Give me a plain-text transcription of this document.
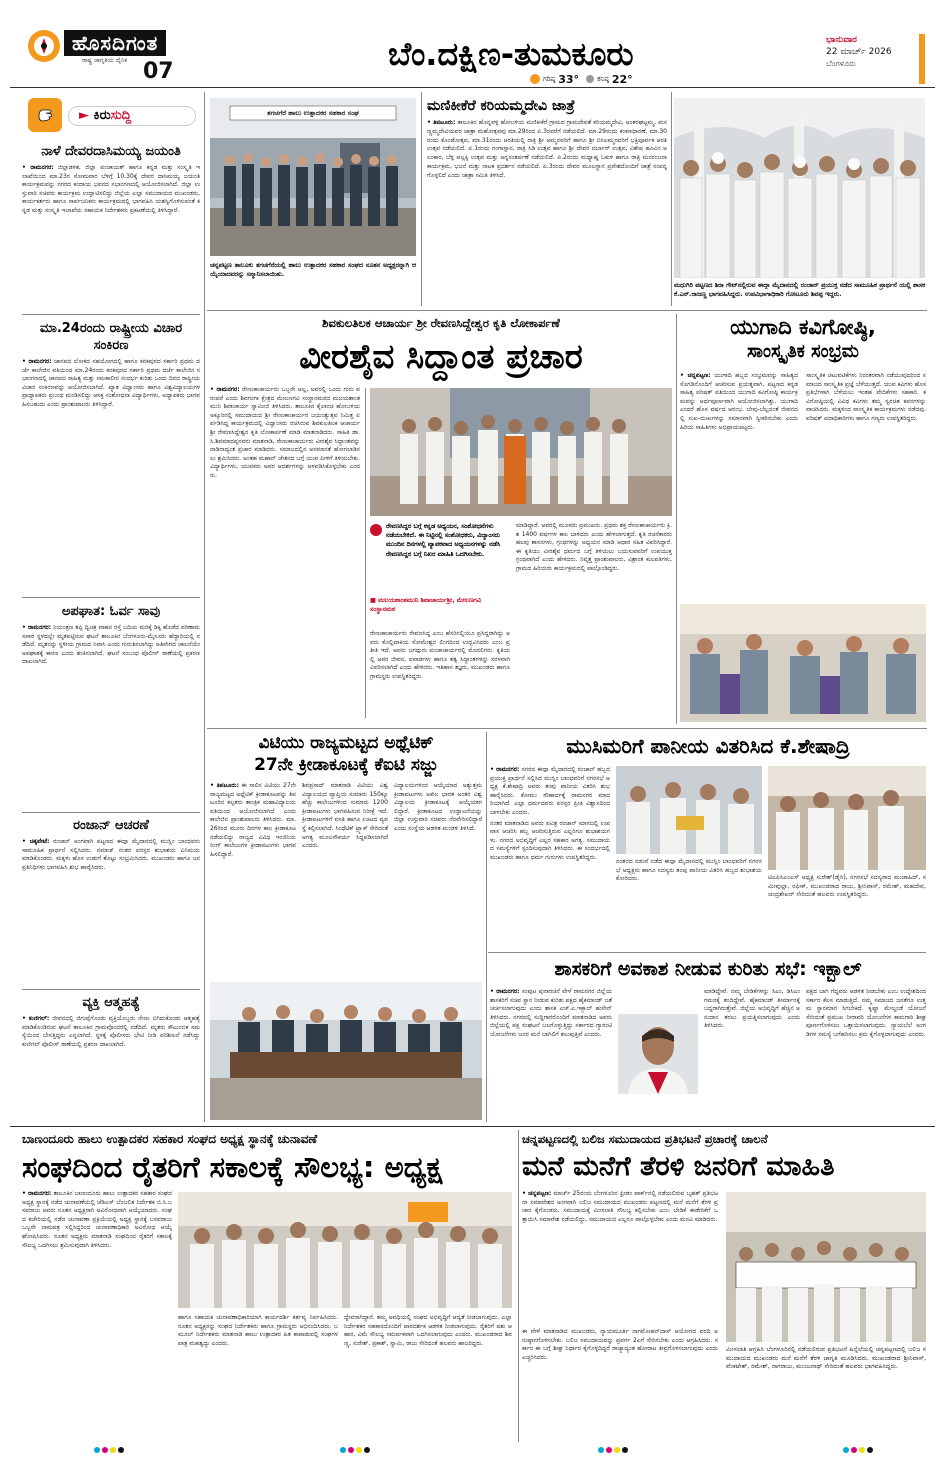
ಹೊಸದಿಗಂತ
ರಾಷ್ಟ್ರ ಜಾಗೃತಿಯ ದೈನಿಕ 07	ಬೆಂ.ದಕ್ಷಿಣ-ತುಮಕೂರು
ಗರಿಷ್ಠ 33°	ಕನಿಷ್ಠ 22°
ಭಾನುವಾರ
22 ಮಾರ್ಚ್ 2026
ಬೆಂಗಳೂರು
► ಕಿರುಸುದ್ದಿ
ನಾಳೆ ದೇವರದಾಸಿಮಯ್ಯ ಜಯಂತಿ
• ರಾಮನಗರ: ಜಿಲ್ಲಾಡಳಿತ, ಜಿಲ್ಲಾ ಪಂಚಾಯತ್ ಹಾಗೂ ಕನ್ನಡ ಮತ್ತು ಸಂಸ್ಕೃತಿ ಇಲಾಖೆಯಿಂದ ಮಾ.23ರ ಸೋಮವಾರ ಬೆಳಿಗ್ಗೆ 10.30ಕ್ಕೆ ದೇವರ ದಾಸಿಮಯ್ಯ ಜಯಂತಿ ಕಾರ್ಯಕ್ರಮವನ್ನು ನಗರದ ಕಂದಾಯ ಭವನದ ಸಭಾಂಗಣದಲ್ಲಿ ಆಯೋಜಿಸಲಾಗಿದೆ. ಜಿಲ್ಲಾ ಉಸ್ತುವಾರಿ ಸಚಿವರು ಕಾರ್ಯಕ್ರಮ ಉದ್ಘಾಟಿಸಲಿದ್ದು ಜಿಲ್ಲೆಯ ಎಲ್ಲಾ ಸಮುದಾಯದ ಮುಖಂಡರು, ಕಾರ್ಯಕರ್ತರು ಹಾಗೂ ಸಾರ್ವಜನಿಕರು ಕಾರ್ಯಕ್ರಮದಲ್ಲಿ ಭಾಗವಹಿಸಿ ಯಶಸ್ವಿಗೊಳಿಸುವಂತೆ ಕನ್ನಡ ಮತ್ತು ಸಂಸ್ಕೃತಿ ಇಲಾಖೆಯ ಸಹಾಯಕ ನಿರ್ದೇಶಕರು ಪ್ರಕಟಣೆಯಲ್ಲಿ ತಿಳಿಸಿದ್ದಾರೆ.
ಮಾ.24ರಂದು ರಾಷ್ಟ್ರೀಯ ವಿಚಾರ ಸಂಕಿರಣ
• ರಾಮನಗರ: ಜಾನಪದ ಲೋಕದ ಸಹಯೋಗದಲ್ಲಿ ಹಾಗೂ ಕನಕಪುರದ ಸರ್ಕಾರಿ ಪ್ರಥಮ ದರ್ಜೆ ಕಾಲೇಜಿನ ವತಿಯಿಂದ ಮಾ.24ರಂದು ಕನಕಪುರದ ಸರ್ಕಾರಿ ಪ್ರಥಮ ದರ್ಜೆ ಕಾಲೇಜಿನ ಸಭಾಂಗಣದಲ್ಲಿ ಜಾನಪದ ಸಾಹಿತ್ಯ ಮತ್ತು ಸಮಕಾಲೀನ ಸಂದರ್ಭ ಕುರಿತು ಒಂದು ದಿನದ ರಾಷ್ಟ್ರೀಯ ವಿಚಾರ ಸಂಕಿರಣವನ್ನು ಆಯೋಜಿಸಲಾಗಿದೆ. ಖ್ಯಾತ ವಿದ್ವಾಂಸರು ಹಾಗೂ ವಿಶ್ವವಿದ್ಯಾಲಯಗಳ ಪ್ರಾಧ್ಯಾಪಕರು ಪ್ರಬಂಧ ಮಂಡಿಸಲಿದ್ದು ಆಸಕ್ತ ಸಂಶೋಧನಾ ವಿದ್ಯಾರ್ಥಿಗಳು, ಅಧ್ಯಾಪಕರು ಭಾಗವಹಿಸಬಹುದು ಎಂದು ಪ್ರಾಂಶುಪಾಲರು ತಿಳಿಸಿದ್ದಾರೆ.
ಅಪಘಾತ: ಓರ್ವ ಸಾವು
• ರಾಮನಗರ: ನಿಯಂತ್ರಣ ತಪ್ಪಿ ದ್ವಿಚಕ್ರ ವಾಹನ ರಸ್ತೆ ಬದಿಯ ಮರಕ್ಕೆ ಡಿಕ್ಕಿ ಹೊಡೆದ ಪರಿಣಾಮ ಸವಾರ ಸ್ಥಳದಲ್ಲೇ ಮೃತಪಟ್ಟಿರುವ ಘಟನೆ ತಾಲೂಕಿನ ಬೆಂಗಳೂರು-ಮೈಸೂರು ಹೆದ್ದಾರಿಯಲ್ಲಿ ನಡೆದಿದೆ. ಮೃತನನ್ನು ಸ್ಥಳೀಯ ಗ್ರಾಮದ ನಿವಾಸಿ ಎಂದು ಗುರುತಿಸಲಾಗಿದ್ದು ಅತಿವೇಗದ ಚಾಲನೆಯೇ ಅಪಘಾತಕ್ಕೆ ಕಾರಣ ಎಂದು ಶಂಕಿಸಲಾಗಿದೆ. ಘಟನೆ ಸಂಬಂಧ ಪೊಲೀಸ್ ಠಾಣೆಯಲ್ಲಿ ಪ್ರಕರಣ ದಾಖಲಾಗಿದೆ.
ರಂಜಾನ್ ಆಚರಣೆ
• ಚಿಕ್ಕಪೇಟೆ: ರಂಜಾನ್ ಅಂಗವಾಗಿ ಪಟ್ಟಣದ ಈದ್ಗಾ ಮೈದಾನದಲ್ಲಿ ಮುಸ್ಲಿಂ ಬಾಂಧವರು ಸಾಮೂಹಿಕ ಪ್ರಾರ್ಥನೆ ಸಲ್ಲಿಸಿದರು. ನಮಾಜ್ ನಂತರ ಪರಸ್ಪರ ಶುಭಾಶಯ ವಿನಿಮಯ ಮಾಡಿಕೊಂಡರು. ಮಕ್ಕಳು ಹೊಸ ಉಡುಗೆ ತೊಟ್ಟು ಸಂಭ್ರಮಿಸಿದರು. ಮುಖಂಡರು ಹಾಗೂ ಜನಪ್ರತಿನಿಧಿಗಳು ಭಾಗವಹಿಸಿ ಶುಭ ಹಾರೈಸಿದರು.
ವ್ಯಕ್ತಿ ಆತ್ಮಹತ್ಯೆ
• ಕುಣಿಗಲ್: ಜೀವನದಲ್ಲಿ ಜಿಗುಪ್ಸೆಗೊಂಡು ವ್ಯಕ್ತಿಯೊಬ್ಬರು ನೇಣು ಬಿಗಿದುಕೊಂಡು ಆತ್ಮಹತ್ಯೆ ಮಾಡಿಕೊಂಡಿರುವ ಘಟನೆ ತಾಲೂಕಿನ ಗ್ರಾಮವೊಂದರಲ್ಲಿ ನಡೆದಿದೆ. ಮೃತರು ಕೌಟುಂಬಿಕ ಸಮಸ್ಯೆಯಿಂದ ಬೇಸತ್ತಿದ್ದರು ಎನ್ನಲಾಗಿದೆ. ಸ್ಥಳಕ್ಕೆ ಪೊಲೀಸರು ಭೇಟಿ ನೀಡಿ ಪರಿಶೀಲನೆ ನಡೆಸಿದ್ದು ಕುಣಿಗಲ್ ಪೊಲೀಸ್ ಠಾಣೆಯಲ್ಲಿ ಪ್ರಕರಣ ದಾಖಲಾಗಿದೆ.
ತಗಚಗೆರೆ ಹಾಲು ಉತ್ಪಾದಕರ ಸಹಕಾರ ಸಂಘ
ಚನ್ನಪಟ್ಟಣ ತಾಲೂಕು ತಗಚಗೆರೆಯಲ್ಲಿ ಹಾಲು ಉತ್ಪಾದಕರ ಸಹಕಾರ ಸಂಘದ ನೂತನ ಅಧ್ಯಕ್ಷರನ್ನಾಗಿ ಆಯ್ಕೆಯಾದವರನ್ನು ಸನ್ಮಾನಿಸಲಾಯಿತು.
ಮಣಿಕೀಕೆರೆ ಕರಿಯಮ್ಮದೇವಿ ಜಾತ್ರೆ
• ತಿಪಟೂರು: ತಾಲೂಕಿನ ಹೊನ್ನವಳ್ಳಿ ಹೋಬಳಿಯ ಮಣಿಕೀಕೆರೆ ಗ್ರಾಮದ ಗ್ರಾಮದೇವತೆ ಕರಿಯಮ್ಮದೇವಿ, ಅಂತರಘಟ್ಟಮ್ಮ, ಮಸಣ್ಣಮ್ಮದೇವಿಯವರ ಜಾತ್ರಾ ಮಹೋತ್ಸವವು ಮಾ.29ರಿಂದ ಏ.3ರವರೆಗೆ ನಡೆಯಲಿದೆ. ಮಾ.29ರಂದು ಕಂಕಣಧಾರಣೆ, ಮಾ.30ರಂದು ಕೊಂಡೋತ್ಸವ, ಮಾ.31ರಂದು ಆರತಿಯಲ್ಲಿ ರಾತ್ರಿ ಶ್ರೀ ಅಮ್ಮನವರಿಗೆ ಹಾಗೂ ಶ್ರೀ ಬಿಸಿಲಮ್ಮನವರಿಗೆ ಭಕ್ತಿಪೂರ್ವಕ ಆರತಿ ಉತ್ಸವ ನಡೆಯಲಿದೆ. ಏ.1ರಂದು ಗಂಗಾಸ್ನಾನ, ರಾತ್ರಿ ಸಿಡಿ ಉತ್ಸವ ಹಾಗೂ ಶ್ರೀ ದೇವರ ದರ್ಬಾರ್ ಉತ್ಸವ, ವಿಶೇಷ ಹೂವಿನ ಅಲಂಕಾರ, ಬೆಳ್ಳಿ ಪಲ್ಲಕ್ಕಿ ಉತ್ಸವ ಮತ್ತು ಅನ್ನಸಂತರ್ಪಣೆ ನಡೆಯಲಿದೆ. ಏ.2ರಂದು ಮಧ್ಯಾಹ್ನ ಓಕುಳಿ ಹಾಗೂ ರಾತ್ರಿ ಮನರಂಜನಾ ಕಾರ್ಯಕ್ರಮ, ಭಜನೆ ಮತ್ತು ನಾಟಕ ಪ್ರದರ್ಶನ ನಡೆಯಲಿದೆ. ಏ.3ರಂದು ದೇವರ ಮೂಲಸ್ಥಾನ ಪ್ರವೇಶದೊಂದಿಗೆ ಜಾತ್ರೆ ಸಂಪನ್ನಗೊಳ್ಳಲಿದೆ ಎಂದು ಜಾತ್ರಾ ಸಮಿತಿ ತಿಳಿಸಿದೆ.
ಮಧುಗಿರಿ ಪಟ್ಟಣದ ಶಿರಾ ಗೇಟ್‌ನಲ್ಲಿರುವ ಈದ್ಗಾ ಮೈದಾನದಲ್ಲಿ ರಂಜಾನ್ ಪ್ರಯುಕ್ತ ನಡೆದ ಸಾಮೂಹಿಕ ಪ್ರಾರ್ಥನೆ ಯಲ್ಲಿ ಶಾಸಕ ಕೆ.ಎನ್.ರಾಜಣ್ಣ ಭಾಗವಹಿಸಿದ್ದರು. ಉಪವಿಭಾಗಾಧಿಕಾರಿ ಗೋಟೂರು ಶಿವಪ್ಪ ಇದ್ದರು.
ಶಿವಕುಲತಿಲಕ ಆಚಾರ್ಯ ಶ್ರೀ ರೇವಣಸಿದ್ದೇಶ್ವರ ಕೃತಿ ಲೋಕಾರ್ಪಣೆ
ವೀರಶೈವ ಸಿದ್ದಾಂತ ಪ್ರಚಾರ
• ರಾಮನಗರ: ರೇಣುಕಾಚಾರ್ಯರು ಒಬ್ಬರೇ ಅಲ್ಲ, ಅವರಲ್ಲಿ ಒಂದು ಗುರು ಪರಂಪರೆ ಎಂದು ಶಿವಗಂಗಾ ಕ್ಷೇತ್ರದ ಮೇಲಣಗವಿ ಸಂಸ್ಥಾನಮಠದ ಮಲಯಶಾಂತಮುನಿ ಶಿವಾಚಾರ್ಯ ಸ್ವಾಮೀಜಿ ತಿಳಿಸಿದರು. ತಾಲೂಕಿನ ಕೈಲಾಂಚ ಹೋಬಳಿಯ ಅಕ್ಕೂರಿನಲ್ಲಿ ಸಮುದಾಯದ ಶ್ರೀ ರೇಣುಕಾಚಾರ್ಯರ ಜಯಂತ್ಯುತ್ಸವ ನಿಮಿತ್ತ ಏರ್ಪಡಿಸಿದ್ದ ಕಾರ್ಯಕ್ರಮದಲ್ಲಿ ವಿದ್ವಾಂಸರು ರಚಿಸಿರುವ ಶಿವಕುಲತಿಲಕ ಆಚಾರ್ಯ ಶ್ರೀ ರೇವಣಸಿದ್ದೇಶ್ವರ ಕೃತಿ ಲೋಕಾರ್ಪಣೆ ಮಾಡಿ ಮಾತನಾಡಿದರು. ಸಾಹಿತಿ ಡಾ.ಸಿ.ಶಿವಮಾದಪ್ಪನವರು ಮಾತನಾಡಿ, ರೇಣುಕಾಚಾರ್ಯರು ವೀರಶೈವ ಸಿದ್ದಾಂತವನ್ನು ನಾಡಿನಾದ್ಯಂತ ಪ್ರಚಾರ ಮಾಡಿದರು. ಸಮಾಜದಲ್ಲಿನ ಅಸಮಾನತೆ ಹೋಗಲಾಡಿಸಲು ಶ್ರಮಿಸಿದರು. ಅಂತಹ ಮಹಾನ್ ಚೇತನದ ಬಗ್ಗೆ ಯುವ ಪೀಳಿಗೆ ತಿಳಿಯಬೇಕು. ವಿದ್ಯಾರ್ಥಿಗಳು, ಯುವಕರು ಅವರ ಆದರ್ಶಗಳನ್ನು ಅಳವಡಿಸಿಕೊಳ್ಳಬೇಕು ಎಂದರು.
ರೇವಣಸಿದ್ದರ ಬಗ್ಗೆ ಕನ್ನಡ ಅಧ್ಯಯನ, ಸಂಶೋಧನೆಗಳು ನಡೆಯಬೇಕಿದೆ. ಈ ನಿಟ್ಟಿನಲ್ಲಿ ಸಂಶೋಧಕರು, ವಿದ್ಯಾಂಸರು ಮುಂದಿನ ದಿನಗಳಲ್ಲಿ ವ್ಯಾಪಕವಾದ ಅಧ್ಯಯನಗಳನ್ನು ನಡೆಸಿ ರೇವಣಸಿದ್ದರ ಬಗ್ಗೆ ನಿಖರ ಮಾಹಿತಿ ಒದಗಿಸಬೇಕು.
■ ಮಲಯಶಾಂತಮುನಿ ಶಿವಾಚಾರ್ಯಶ್ರೀ, ಮೇಲಣಗವಿ ಸಂಸ್ಥಾನಮಠ
ರೇಣುಕಾಚಾರ್ಯರು ರೇವಣಸಿದ್ದ ಎಂಬ ಹೆಸರಿನಲ್ಲಿಯೂ ಪ್ರಸಿದ್ದರಾಗಿದ್ದು ಅವರು ಕೊಲ್ಲಿಪಾಕಿಯ ಸೋಮೇಶ್ವರ ಲಿಂಗದಿಂದ ಉದ್ಭವಿಸಿದರು ಎಂಬ ಪ್ರತೀತಿ ಇದೆ. ಅವರು ಜಗದ್ಗುರು ಪಂಚಾಚಾರ್ಯರಲ್ಲಿ ಮೊದಲಿಗರು. ಕೃತಿಯಲ್ಲಿ ಅವರ ಜೀವನ, ಪವಾಡಗಳು ಹಾಗೂ ತತ್ವ ಸಿದ್ದಾಂತಗಳನ್ನು ಸರಳವಾಗಿ ವಿವರಿಸಲಾಗಿದೆ ಎಂದು ಹೇಳಿದರು. ಇತಿಹಾಸ ತಜ್ಞರು, ಮುಖಂಡರು ಹಾಗೂ ಗ್ರಾಮಸ್ಥರು ಉಪಸ್ಥಿತರಿದ್ದರು.
ಮಾಡಿದ್ದಾರೆ. ಅವರಲ್ಲಿ ಮೂವರು ಪ್ರಮುಖರು. ಪ್ರಥಮ ಶಕ್ತ ರೇಣುಕಾಚಾರ್ಯರು ಕ್ರಿ.ಶ 1400 ವರ್ಷಗಳ ಕಾಲ ಬಾಳಿದರು ಎಂದು ಹೇಳಲಾಗುತ್ತದೆ. ಕೃತಿ ರಚನೆಕಾರರು ಹಲವು ಶಾಸನಗಳು, ಗ್ರಂಥಗಳನ್ನು ಅಧ್ಯಯನ ಮಾಡಿ ಆಧಾರ ಸಹಿತ ವಿವರಿಸಿದ್ದಾರೆ. ಈ ಕೃತಿಯು ವೀರಶೈವ ಧರ್ಮದ ಬಗ್ಗೆ ತಿಳಿಯಲು ಬಯಸುವವರಿಗೆ ಉಪಯುಕ್ತ ಗ್ರಂಥವಾಗಿದೆ ಎಂದು ಹೇಳಿದರು. ನಿವೃತ್ತ ಪ್ರಾಂಶುಪಾಲರು, ವಿಶ್ರಾಂತ ಕುಲಪತಿಗಳು, ಗ್ರಾಮದ ಹಿರಿಯರು ಕಾರ್ಯಕ್ರಮದಲ್ಲಿ ಪಾಲ್ಗೊಂಡಿದ್ದರು.
ಯುಗಾದಿ ಕವಿಗೋಷ್ಠಿ,
ಸಾಂಸ್ಕೃತಿಕ ಸಂಭ್ರಮ
• ಚನ್ನಪಟ್ಟಣ: ಯುಗಾದಿ ಹಬ್ಬದ ಸಂಭ್ರಮವನ್ನು ಸಾಹಿತ್ಯದ ಸೊಗಡಿನೊಂದಿಗೆ ಆಚರಿಸುವ ಪ್ರಯತ್ನವಾಗಿ, ಪಟ್ಟಣದ ಕನ್ನಡ ಸಾಹಿತ್ಯ ಪರಿಷತ್ ವತಿಯಿಂದ ಯುಗಾದಿ ಕವಿಗೋಷ್ಠಿ ಕಾರ್ಯಕ್ರಮವನ್ನು ಅರ್ಥಪೂರ್ಣವಾಗಿ ಆಯೋಜಿಸಲಾಗಿತ್ತು. ಯುಗಾದಿ ಎಂದರೆ ಹೊಸ ವರ್ಷದ ಆರಂಭ. ಬೇವು-ಬೆಲ್ಲದಂತೆ ಜೀವನದಲ್ಲಿ ಸುಖ-ದುಃಖಗಳನ್ನು ಸಮಾನವಾಗಿ ಸ್ವೀಕರಿಸಬೇಕು ಎಂದು ಹಿರಿಯ ಸಾಹಿತಿಗಳು ಅಭಿಪ್ರಾಯಪಟ್ಟರು.
ಸಾಂಸ್ಕೃತಿಕ ಚಟುವಟಿಕೆಗಳು ನಿರಂತರವಾಗಿ ನಡೆಯುವುದರಿಂದ ಸಮಾಜದ ಸಾಂಸ್ಕೃತಿಕ ಪ್ರಜ್ಞೆ ಬೆಳೆಯುತ್ತದೆ. ಯುವ ಕವಿಗಳು ಹೊಸ ಪ್ರತಿಭೆಗಳಾಗಿ ಬೆಳೆಯಲು ಇಂತಹ ವೇದಿಕೆಗಳು ಸಹಕಾರಿ. ಕವಿಗೋಷ್ಠಿಯಲ್ಲಿ ವಿವಿಧ ಕವಿಗಳು ತಮ್ಮ ಸ್ವರಚಿತ ಕವನಗಳನ್ನು ವಾಚಿಸಿದರು. ಮಕ್ಕಳಿಂದ ಸಾಂಸ್ಕೃತಿಕ ಕಾರ್ಯಕ್ರಮಗಳು ನಡೆದವು. ಪರಿಷತ್ ಪದಾಧಿಕಾರಿಗಳು ಹಾಗೂ ಗಣ್ಯರು ಉಪಸ್ಥಿತರಿದ್ದರು.
ವಿಟಿಯು ರಾಜ್ಯಮಟ್ಟದ ಅಥ್ಲೆಟಿಕ್
27ನೇ ಕ್ರೀಡಾಕೂಟಕ್ಕೆ ಕೆಐಟಿ ಸಜ್ಜು
• ತಿಪಟೂರು: ಈ ಸಾಲಿನ ವಿಟಿಯು 27ನೇ ರಾಜ್ಯಮಟ್ಟದ ಅಥ್ಲೆಟಿಕ್ ಕ್ರೀಡಾಕೂಟವನ್ನು ತಿಪಟೂರಿನ ಕಲ್ಪತರು ತಾಂತ್ರಿಕ ಮಹಾವಿದ್ಯಾಲಯ ವತಿಯಿಂದ ಆಯೋಜಿಸಲಾಗಿದೆ ಎಂದು ಕಾಲೇಜಿನ ಪ್ರಾಂಶುಪಾಲರು ತಿಳಿಸಿದರು. ಮಾ.26ರಿಂದ ಮೂರು ದಿನಗಳ ಕಾಲ ಕ್ರೀಡಾಕೂಟ ನಡೆಯಲಿದ್ದು ರಾಜ್ಯದ ವಿವಿಧ ಇಂಜಿನಿಯರಿಂಗ್ ಕಾಲೇಜುಗಳ ಕ್ರೀಡಾಪಟುಗಳು ಭಾಗವಹಿಸಲಿದ್ದಾರೆ.
ಶಿವಪ್ರಸಾದ್ ಮಾತನಾಡಿ ವಿಟಿಯು ವಿಶ್ವವಿದ್ಯಾಲಯದ ವ್ಯಾಪ್ತಿಯ ಸುಮಾರು 150ಕ್ಕೂ ಹೆಚ್ಚು ಕಾಲೇಜುಗಳಿಂದ ಸುಮಾರು 1200 ಕ್ರೀಡಾಪಟುಗಳು ಭಾಗವಹಿಸುವ ನಿರೀಕ್ಷೆ ಇದೆ. ಕ್ರೀಡಾಪಟುಗಳಿಗೆ ವಸತಿ ಹಾಗೂ ಊಟದ ವ್ಯವಸ್ಥೆ ಕಲ್ಪಿಸಲಾಗಿದೆ. ಸಿಂಥೆಟಿಕ್ ಟ್ರ್ಯಾಕ್ ಸೇರಿದಂತೆ ಅಗತ್ಯ ಮೂಲಸೌಕರ್ಯ ಸಿದ್ದಪಡಿಸಲಾಗಿದೆ ಎಂದರು.
ವಿದ್ಯಾಲಯಗಳಿಂದ ಆಯ್ಕೆಯಾದ ಅತ್ಯುತ್ತಮ ಕ್ರೀಡಾಪಟುಗಳು ಅಖಿಲ ಭಾರತ ಅಂತರ ವಿಶ್ವವಿದ್ಯಾಲಯ ಕ್ರೀಡಾಕೂಟಕ್ಕೆ ಆಯ್ಕೆಯಾಗಲಿದ್ದಾರೆ. ಕ್ರೀಡಾಕೂಟದ ಉದ್ಘಾಟನೆಯನ್ನು ಜಿಲ್ಲಾ ಉಸ್ತುವಾರಿ ಸಚಿವರು ನೆರವೇರಿಸಲಿದ್ದಾರೆ ಎಂದು ಸಂಸ್ಥೆಯ ಆಡಳಿತ ಮಂಡಳಿ ತಿಳಿಸಿದೆ.
ಮುಸಿಮರಿಗೆ ಪಾನೀಯ ವಿತರಿಸಿದ ಕೆ.ಶೇಷಾದ್ರಿ
• ರಾಮನಗರ: ನಗರದ ಈದ್ಗಾ ಮೈದಾನದಲ್ಲಿ ರಂಜಾನ್ ಹಬ್ಬದ ಪ್ರಯುಕ್ತ ಪ್ರಾರ್ಥನೆ ಸಲ್ಲಿಸಿದ ಮುಸ್ಲಿಂ ಬಾಂಧವರಿಗೆ ನಗರಸಭೆ ಅಧ್ಯಕ್ಷ ಕೆ.ಶೇಷಾದ್ರಿ ಅವರು ತಂಪು ಪಾನೀಯ ವಿತರಿಸಿ ಶುಭ ಹಾರೈಸಿದರು. ಕೋಮು ಸೌಹಾರ್ದಕ್ಕೆ ರಾಮನಗರ ಮಾದರಿಯಾಗಿದೆ. ಎಲ್ಲಾ ಧರ್ಮದವರು ಪರಸ್ಪರ ಪ್ರೀತಿ ವಿಶ್ವಾಸದಿಂದ ಬಾಳಬೇಕು ಎಂದರು.
ನಂತರ ಮಾತನಾಡಿದ ಅವರು ಪವಿತ್ರ ರಂಜಾನ್ ಮಾಸದಲ್ಲಿ ಉಪವಾಸ ಆಚರಿಸಿ ಹಬ್ಬ ಆಚರಿಸುತ್ತಿರುವ ಎಲ್ಲರಿಗೂ ಶುಭಾಶಯಗಳು. ನಗರದ ಅಭಿವೃದ್ಧಿಗೆ ಎಲ್ಲರ ಸಹಕಾರ ಅಗತ್ಯ. ಸಮುದಾಯದ ಸಮಸ್ಯೆಗಳಿಗೆ ಸ್ಪಂದಿಸುವುದಾಗಿ ತಿಳಿಸಿದರು. ಈ ಸಂದರ್ಭದಲ್ಲಿ ಮುಖಂಡರು ಹಾಗೂ ಧರ್ಮ ಗುರುಗಳು ಉಪಸ್ಥಿತರಿದ್ದರು.
ನಂತರದ ನಡುವೆ ನಡೆದ ಈದ್ಗಾ ಮೈದಾನದಲ್ಲಿ ಮುಸ್ಲಿಂ ಬಾಂಧವರಿಗೆ ನಗರಸಭೆ ಅಧ್ಯಕ್ಷರು ಹಾಗೂ ಸದಸ್ಯರು ತಂಪು ಪಾನೀಯ ವಿತರಿಸಿ ಹಬ್ಬದ ಶುಭಾಶಯ ಕೋರಿದರು.	ಟಿಎಪಿಸಿಎಂಎಸ್ ಅಧ್ಯಕ್ಷ ಸುರೇಶ್(ಡೈರಿ), ನಗರಸಭೆ ಸದಸ್ಯರಾದ ಮುಜಾಹಿದ್, ಸಮೀವುಲ್ಲಾ, ರಫೀಕ್, ಮುಖಂಡರಾದ ರಾಜು, ಶ್ರೀನಿವಾಸ್, ರಮೇಶ್, ಮಹದೇವ, ಚಂದ್ರಶೇಖರ್ ಸೇರಿದಂತೆ ಹಲವರು ಉಪಸ್ಥಿತರಿದ್ದರು.
ಶಾಸಕರಿಗೆ ಅವಕಾಶ ನೀಡುವ ಕುರಿತು ಸಭೆ: ಇಕ್ಬಾಲ್
• ರಾಮನಗರ: ಸಂಪುಟ ಪುನಾರಚನೆ ವೇಳೆ ರಾಮನಗರ ಜಿಲ್ಲೆಯ ಶಾಸಕರಿಗೆ ಸಚಿವ ಸ್ಥಾನ ನೀಡುವ ಕುರಿತು ಪಕ್ಷದ ಹೈಕಮಾಂಡ್ ಜತೆ ಚರ್ಚಿಸಲಾಗುವುದು ಎಂದು ಶಾಸಕ ಎಚ್.ಎ.ಇಕ್ಬಾಲ್ ಹುಸೇನ್ ತಿಳಿಸಿದರು. ನಗರದಲ್ಲಿ ಸುದ್ದಿಗಾರರೊಂದಿಗೆ ಮಾತನಾಡಿದ ಅವರು ಜಿಲ್ಲೆಯಲ್ಲಿ ಪಕ್ಷ ಸಂಘಟನೆ ಬಲಗೊಳ್ಳುತ್ತಿದ್ದು ಸರ್ಕಾರದ ಗ್ಯಾರಂಟಿ ಯೋಜನೆಗಳು ಜನರ ಮನೆ ಬಾಗಿಲಿಗೆ ತಲುಪುತ್ತಿವೆ ಎಂದರು.
ಮಾಡಿದ್ದೇವೆ. ನಮ್ಮ ಬೇಡಿಕೆಗಳನ್ನು ಸಿಎಂ, ಡಿಸಿಎಂ ಗಮನಕ್ಕೆ ತಂದಿದ್ದೇವೆ. ಹೈಕಮಾಂಡ್ ತೀರ್ಮಾನಕ್ಕೆ ಬದ್ದರಾಗಿರುತ್ತೇವೆ. ಜಿಲ್ಲೆಯ ಅಭಿವೃದ್ಧಿಗೆ ಹೆಚ್ಚಿನ ಅನುದಾನ ತರಲು ಪ್ರಯತ್ನಿಸಲಾಗುವುದು ಎಂದು ತಿಳಿಸಿದರು.
ಪಕ್ಷದ ಬಾಗಿ ಗೆದ್ದವರು ಆಡಳಿತ ನೀಡಬೇಕು ಎಂಬ ಉದ್ದೇಶದಿಂದ ಸರ್ಕಾರ ಕೆಲಸ ಮಾಡುತ್ತಿದೆ. ನಮ್ಮ ಸಮಾಜದ ಜನತೆಗೂ ಉತ್ತಮ ಸ್ಥಾನಮಾನ ಸಿಗಬೇಕಿದೆ. ಕೃಷ್ಣಾ ಮೇಲ್ದಂಡೆ ಯೋಜನೆ ಸೇರಿದಂತೆ ಪ್ರಮುಖ ನೀರಾವರಿ ಯೋಜನೆಗಳ ಕಾಮಗಾರಿ ಶೀಘ್ರ ಪೂರ್ಣಗೊಳಿಸಲು ಒತ್ತಾಯಿಸಲಾಗುವುದು. ನ್ಯಾಯಬೆಲೆ ಅಂಗಡಿಗಳ ಸಮಸ್ಯೆ ಬಗೆಹರಿಸಲು ಕ್ರಮ ಕೈಗೊಳ್ಳಲಾಗುವುದು ಎಂದರು.
ಬಾಣಂದೂರು ಹಾಲು ಉತ್ಪಾದಕರ ಸಹಕಾರ ಸಂಘದ ಅಧ್ಯಕ್ಷ ಸ್ಥಾನಕ್ಕೆ ಚುನಾವಣೆ
ಸಂಘದಿಂದ ರೈತರಿಗೆ ಸಕಾಲಕ್ಕೆ ಸೌಲಭ್ಯ: ಅಧ್ಯಕ್ಷ
• ರಾಮನಗರ: ತಾಲೂಕಿನ ಬಾಣಂದೂರು ಹಾಲು ಉತ್ಪಾದಕರ ಸಹಕಾರ ಸಂಘದ ಅಧ್ಯಕ್ಷ ಸ್ಥಾನಕ್ಕೆ ನಡೆದ ಚುನಾವಣೆಯಲ್ಲಿ ಜೆಡಿಎಸ್ ಬೆಂಬಲಿತ ನಿರ್ದೇಶಕ ಬಿ.ಸಿ.ಬಸವರಾಜು ಅವರು ನೂತನ ಅಧ್ಯಕ್ಷರಾಗಿ ಅವಿರೋಧವಾಗಿ ಆಯ್ಕೆಯಾದರು. ಸಂಘದ ಕಚೇರಿಯಲ್ಲಿ ನಡೆದ ಚುನಾವಣಾ ಪ್ರಕ್ರಿಯೆಯಲ್ಲಿ ಅಧ್ಯಕ್ಷ ಸ್ಥಾನಕ್ಕೆ ಬಸವರಾಜು ಒಬ್ಬರೇ ನಾಮಪತ್ರ ಸಲ್ಲಿಸಿದ್ದರಿಂದ ಚುನಾವಣಾಧಿಕಾರಿ ಅವಿರೋಧ ಆಯ್ಕೆ ಘೋಷಿಸಿದರು. ನೂತನ ಅಧ್ಯಕ್ಷರು ಮಾತನಾಡಿ ಸಂಘದಿಂದ ರೈತರಿಗೆ ಸಕಾಲಕ್ಕೆ ಸೌಲಭ್ಯ ಒದಗಿಸಲು ಶ್ರಮಿಸುವುದಾಗಿ ತಿಳಿಸಿದರು.
ಹಾಗೂ ಸಹಾಯಕ ಚುನಾವಣಾಧಿಕಾರಿಯಾಗಿ ಕಾರ್ಯದರ್ಶಿ ಕರ್ತವ್ಯ ನಿರ್ವಹಿಸಿದರು. ನೂತನ ಅಧ್ಯಕ್ಷರನ್ನು ಸಂಘದ ನಿರ್ದೇಶಕರು ಹಾಗೂ ಗ್ರಾಮಸ್ಥರು ಅಭಿನಂದಿಸಿದರು. ಬಮೂಲ್ ನಿರ್ದೇಶಕರು ಮಾತನಾಡಿ ಹಾಲು ಉತ್ಪಾದಕರ ಹಿತ ಕಾಪಾಡುವಲ್ಲಿ ಸಂಘಗಳ ಪಾತ್ರ ಮಹತ್ವದ್ದು ಎಂದರು.
ದ್ದೇವರಾಗಿದ್ದಾರೆ. ತಮ್ಮ ಅವಧಿಯಲ್ಲಿ ಸಂಘದ ಅಭಿವೃದ್ಧಿಗೆ ಆದ್ಯತೆ ನೀಡಲಾಗುವುದು. ಎಲ್ಲಾ ನಿರ್ದೇಶಕರ ಸಹಕಾರದೊಂದಿಗೆ ಪಾರದರ್ಶಕ ಆಡಳಿತ ನೀಡಲಾಗುವುದು. ರೈತರಿಗೆ ಪಶು ಆಹಾರ, ವಿಮೆ ಸೌಲಭ್ಯ ಸಮರ್ಪಕವಾಗಿ ಒದಗಿಸಲಾಗುವುದು ಎಂದರು. ಮುಖಂಡರಾದ ಶಿವಣ್ಣ, ಸುರೇಶ್, ಪ್ರಕಾಶ್, ಸ್ವಾಮಿ, ರಾಜು ಸೇರಿದಂತೆ ಹಲವರು ಹಾಜರಿದ್ದರು.
ಚನ್ನಪಟ್ಟಣದಲ್ಲಿ ಬಲಿಜ ಸಮುದಾಯದ ಪ್ರತಿಭಟನೆ ಪ್ರಚಾರಕ್ಕೆ ಚಾಲನೆ
ಮನೆ ಮನೆಗೆ ತೆರಳಿ ಜನರಿಗೆ ಮಾಹಿತಿ
• ಚನ್ನಪಟ್ಟಣ: ಮಾರ್ಚ್ 25ರಂದು ಬೆಂಗಳೂರಿನ ಫ್ರೀಡಂ ಪಾರ್ಕ್‌ನಲ್ಲಿ ನಡೆಯಲಿರುವ ಬೃಹತ್ ಪ್ರತಿಭಟನಾ ಸಮಾವೇಶದ ಅಂಗವಾಗಿ ಬಲಿಜ ಸಮುದಾಯದ ಮುಖಂಡರು ಪಟ್ಟಣದಲ್ಲಿ ಮನೆ ಮನೆಗೆ ತೆರಳಿ ಪ್ರಚಾರ ಕೈಗೊಂಡರು. ಸಮುದಾಯಕ್ಕೆ ಮೀಸಲಾತಿ ಸೌಲಭ್ಯ ಕಲ್ಪಿಸಬೇಕು ಎಂಬ ಬೇಡಿಕೆ ಈಡೇರಿಕೆಗೆ ಒತ್ತಾಯಿಸಿ ಸಮಾವೇಶ ನಡೆಯಲಿದ್ದು, ಸಮುದಾಯದ ಎಲ್ಲರೂ ಪಾಲ್ಗೊಳ್ಳಬೇಕು ಎಂದು ಮನವಿ ಮಾಡಿದರು.
ಈ ವೇಳೆ ಮಾತನಾಡಿದ ಮುಖಂಡರು, ನ್ಯಾಯಮೂರ್ತಿ ನಾಗಮೋಹನ್‌ದಾಸ್ ಆಯೋಗದ ವರದಿ ಅನುಷ್ಠಾನಗೊಳಿಸಬೇಕು. ಬಲಿಜ ಸಮುದಾಯವನ್ನು ಪ್ರವರ್ಗ 2ಎಗೆ ಸೇರಿಸಬೇಕು ಎಂದು ಆಗ್ರಹಿಸಿದರು. ಸರ್ಕಾರ ಈ ಬಗ್ಗೆ ಶೀಘ್ರ ನಿರ್ಧಾರ ಕೈಗೊಳ್ಳದಿದ್ದರೆ ರಾಜ್ಯಾದ್ಯಂತ ಹೋರಾಟ ತೀವ್ರಗೊಳಿಸಲಾಗುವುದು ಎಂದು ಎಚ್ಚರಿಸಿದರು.
ಮೀಸಲಾತಿ ಆಗ್ರಹಿಸಿ ಬೆಂಗಳೂರಿನಲ್ಲಿ ನಡೆಯಲಿರುವ ಪ್ರತಿಭಟನೆ ಹಿನ್ನೆಲೆಯಲ್ಲಿ ಚನ್ನಪಟ್ಟಣದಲ್ಲಿ ಬಲಿಜ ಸಮುದಾಯದ ಮುಖಂಡರು ಮನೆ ಮನೆಗೆ ತೆರಳಿ ಜಾಗೃತಿ ಮೂಡಿಸಿದರು. ಮುಖಂಡರಾದ ಶ್ರೀನಿವಾಸ್, ವೆಂಕಟೇಶ್, ರಮೇಶ್, ನಾಗರಾಜು, ಮಂಜುನಾಥ್ ಸೇರಿದಂತೆ ಹಲವರು ಭಾಗವಹಿಸಿದ್ದರು.
